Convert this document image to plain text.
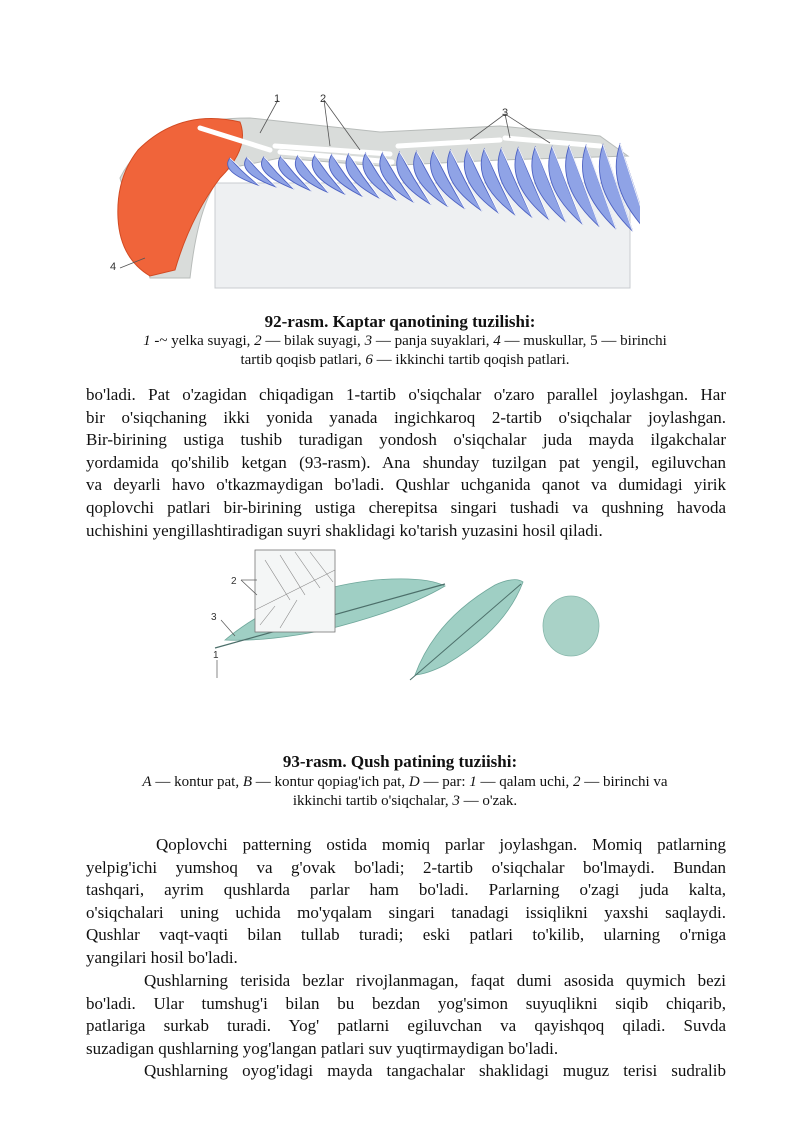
1	2
3
4
92-rasm. Kaptar qanotining tuzilishi:
1 -~ yelka suyagi, 2 — bilak suyagi, 3 — panja suyaklari, 4 — muskullar, 5 — birinchi
tartib qoqisb patlari, 6 — ikkinchi tartib qoqish patlari.
bo'ladi. Pat o'zagidan chiqadigan 1-tartib o'siqchalar o'zaro parallel joylashgan. Har
bir o'siqchaning ikki yonida yanada ingichkaroq 2-tartib o'siqchalar joylashgan.
Bir-birining ustiga tushib turadigan yondosh o'siqchalar juda mayda ilgakchalar
yordamida qo'shilib ketgan (93-rasm). Ana shunday tuzilgan pat yengil, egiluvchan
va deyarli havo o'tkazmaydigan bo'ladi. Qushlar uchganida qanot va dumidagi yirik
qoplovchi patlari bir-birining ustiga cherepitsa singari tushadi va qushning havoda
uchishini yengillashtiradigan suyri shaklidagi ko'tarish yuzasini hosil qiladi.
2
3
1
93-rasm. Qush patining tuziishi:
A — kontur pat, B — kontur qopiag'ich pat, D — par: 1 — qalam uchi, 2 — birinchi va
ikkinchi tartib o'siqchalar, 3 — o'zak.
Qoplovchi patterning ostida momiq parlar joylashgan. Momiq patlarning
yelpig'ichi yumshoq va g'ovak bo'ladi; 2-tartib o'siqchalar bo'lmaydi. Bundan
tashqari, ayrim qushlarda parlar ham bo'ladi. Parlarning o'zagi juda kalta,
o'siqchalari uning uchida mo'yqalam singari tanadagi issiqlikni yaxshi saqlaydi.
Qushlar vaqt-vaqti bilan tullab turadi; eski patlari to'kilib, ularning o'rniga
yangilari hosil bo'ladi.
Qushlarning terisida bezlar rivojlanmagan, faqat dumi asosida quymich bezi
bo'ladi. Ular tumshug'i bilan bu bezdan yog'simon suyuqlikni siqib chiqarib,
patlariga surkab turadi. Yog' patlarni egiluvchan va qayishqoq qiladi. Suvda
suzadigan qushlarning yog'langan patlari suv yuqtirmaydigan bo'ladi.
Qushlarning oyog'idagi mayda tangachalar shaklidagi muguz terisi sudralib
